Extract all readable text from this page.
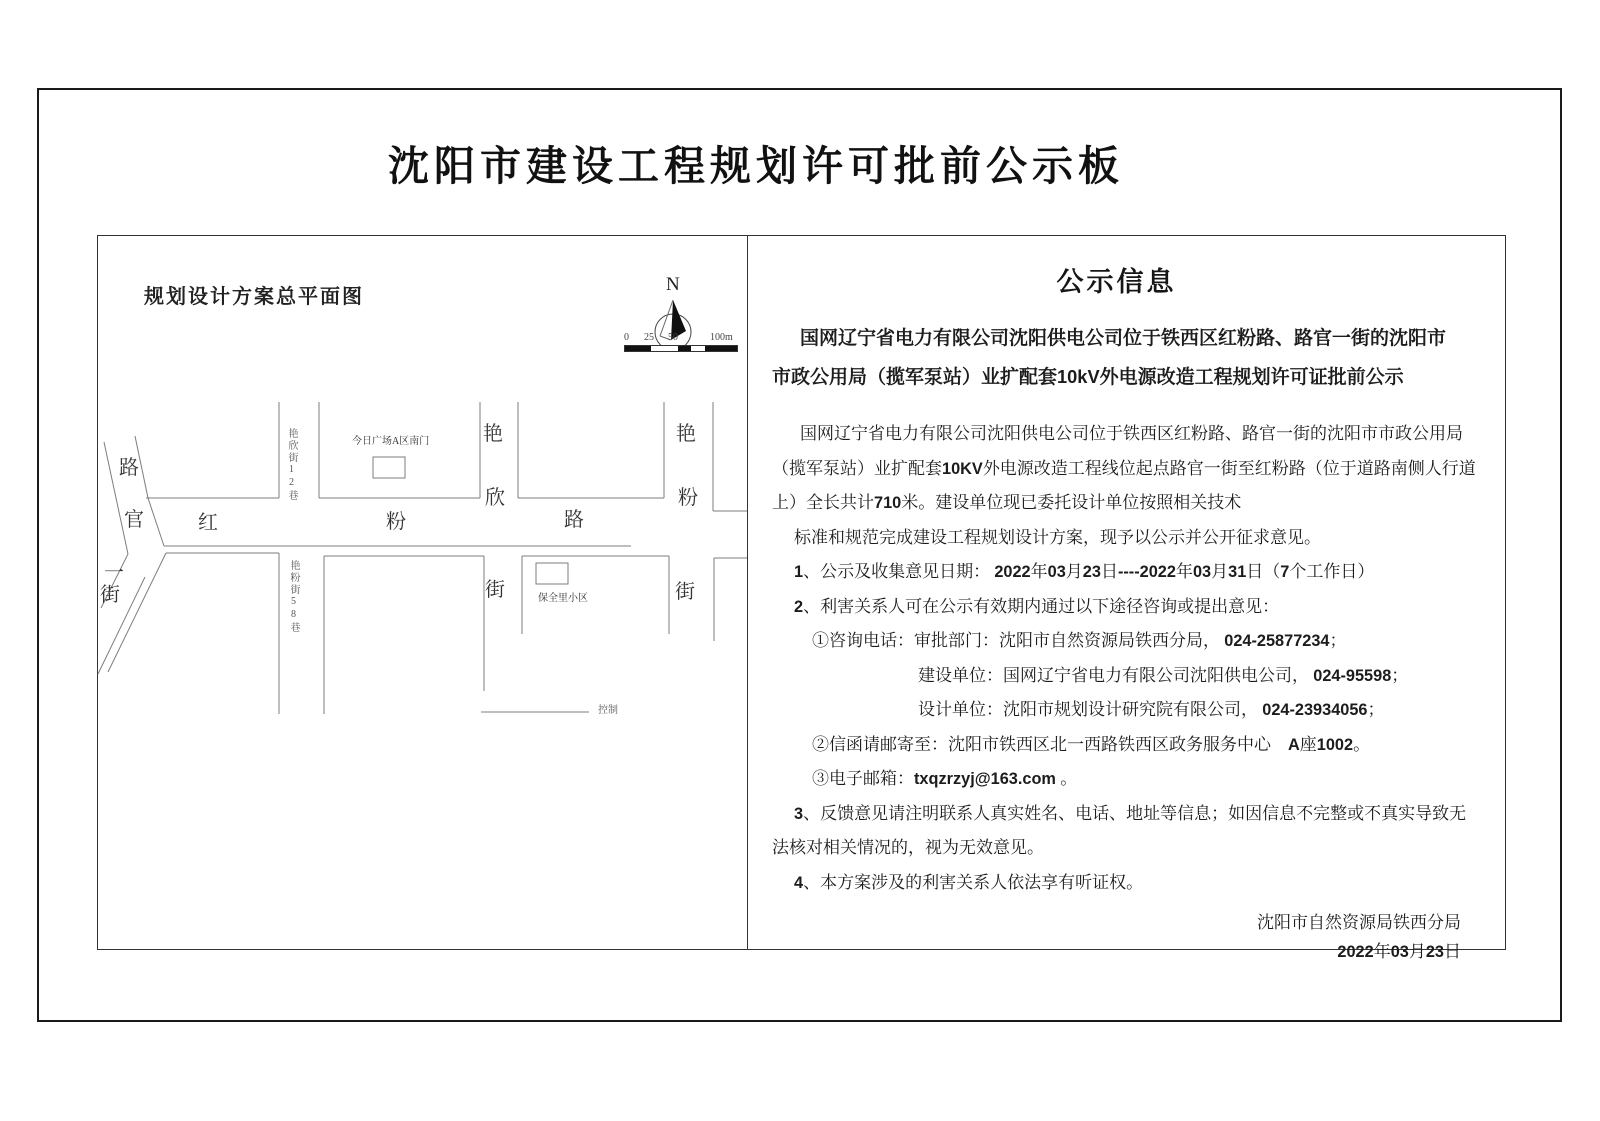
沈阳市建设工程规划许可批前公示板
规划设计方案总平面图
N
0 25 50	100m
路
官
一
街
红	粉	路
艳
欣
街
艳
粉
街
艳欣街12巷
艳粉街58巷
今日广场A区南门
保全里小区
控制
公示信息
国网辽宁省电力有限公司沈阳供电公司位于铁西区红粉路、路官一街的沈阳市
市政公用局（揽军泵站）业扩配套10kV外电源改造工程规划许可证批前公示
国网辽宁省电力有限公司沈阳供电公司位于铁西区红粉路、路官一街的沈阳市市政公用局
（揽军泵站）业扩配套10KV外电源改造工程线位起点路官一街至红粉路（位于道路南侧人行道
上）全长共计710米。建设单位现已委托设计单位按照相关技术
标准和规范完成建设工程规划设计方案，现予以公示并公开征求意见。
1、公示及收集意见日期： 2022年03月23日----2022年03月31日（7个工作日）
2、利害关系人可在公示有效期内通过以下途径咨询或提出意见：
①咨询电话：审批部门：沈阳市自然资源局铁西分局， 024-25877234；
建设单位：国网辽宁省电力有限公司沈阳供电公司， 024-95598；
设计单位：沈阳市规划设计研究院有限公司， 024-23934056；
②信函请邮寄至：沈阳市铁西区北一西路铁西区政务服务中心　A座1002。
③电子邮箱：txqzrzyj@163.com 。
3、反馈意见请注明联系人真实姓名、电话、地址等信息；如因信息不完整或不真实导致无
法核对相关情况的，视为无效意见。
4、本方案涉及的利害关系人依法享有听证权。
沈阳市自然资源局铁西分局
2022年03月23日
